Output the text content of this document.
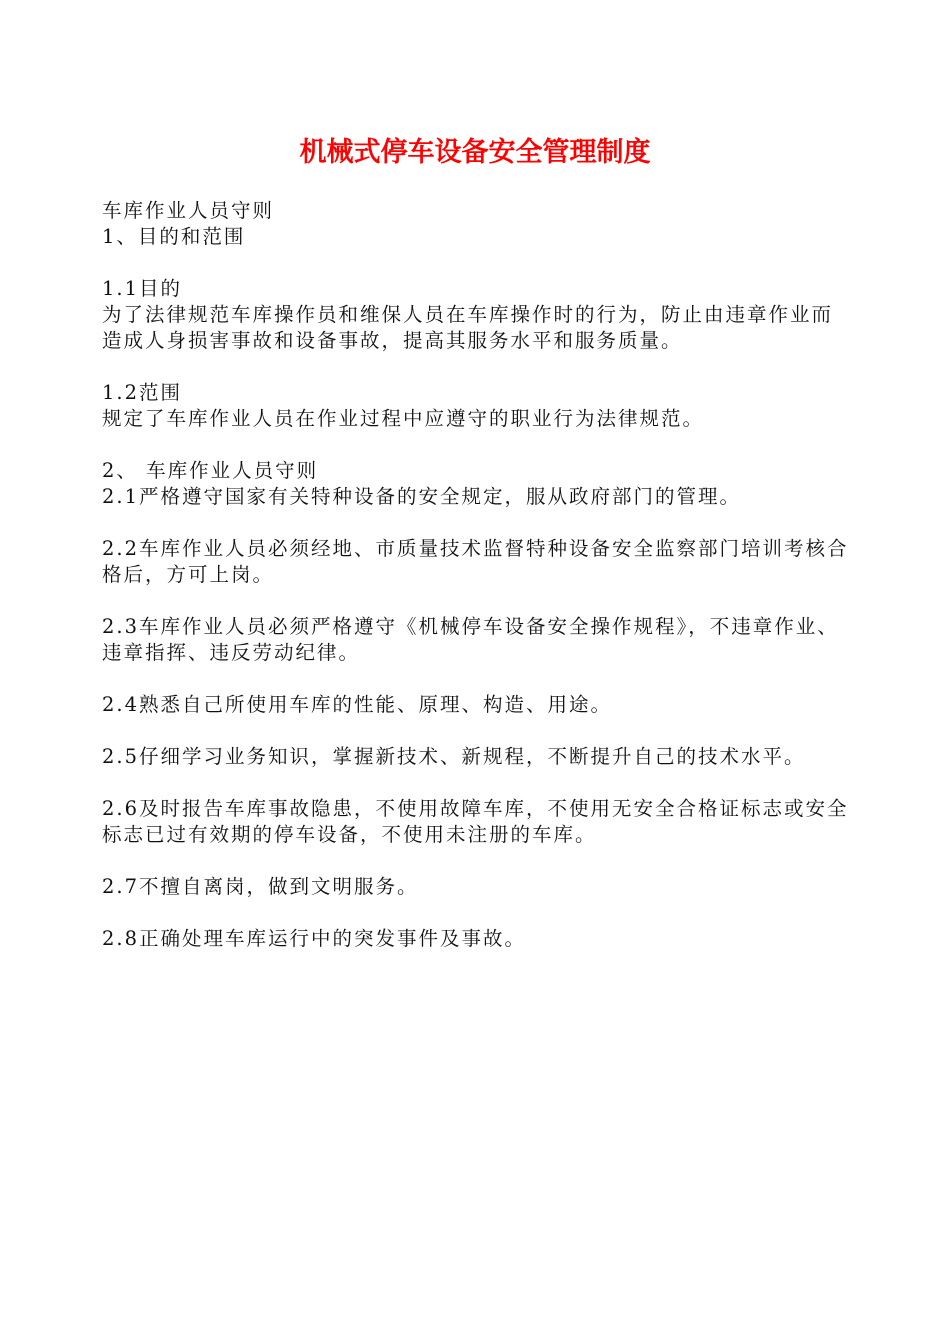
机械式停车设备安全管理制度

车库作业人员守则

1、目的和范围

1.1目的

为了法律规范车库操作员和维保人员在车库操作时的行为，防止由违章作业而造成人身损害事故和设备事故，提高其服务水平和服务质量。

1.2范围

规定了车库作业人员在作业过程中应遵守的职业行为法律规范。

2、 车库作业人员守则

2.1严格遵守国家有关特种设备的安全规定，服从政府部门的管理。

2.2车库作业人员必须经地、市质量技术监督特种设备安全监察部门培训考核合格后，方可上岗。

2.3车库作业人员必须严格遵守《机械停车设备安全操作规程》，不违章作业、违章指挥、违反劳动纪律。

2.4熟悉自己所使用车库的性能、原理、构造、用途。

2.5仔细学习业务知识，掌握新技术、新规程，不断提升自己的技术水平。

2.6及时报告车库事故隐患，不使用故障车库，不使用无安全合格证标志或安全标志已过有效期的停车设备，不使用未注册的车库。

2.7不擅自离岗，做到文明服务。

2.8正确处理车库运行中的突发事件及事故。
